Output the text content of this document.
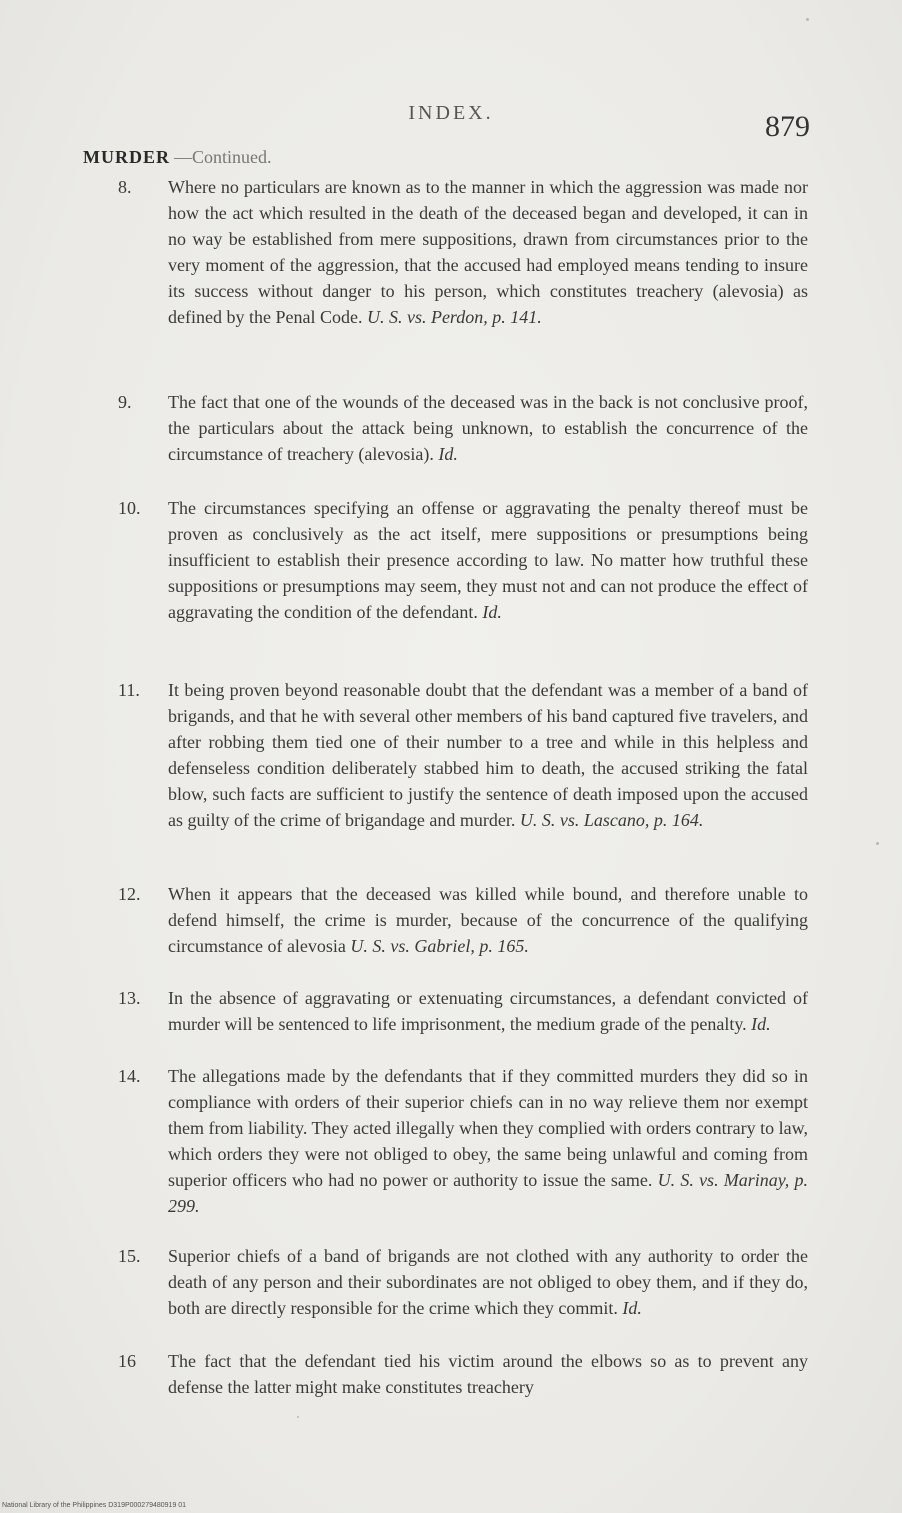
INDEX.	879
MURDER —Continued.
8. Where no particulars are known as to the manner in which the aggression was made nor how the act which resulted in the death of the deceased began and developed, it can in no way be established from mere suppositions, drawn from circumstances prior to the very moment of the aggression, that the accused had employed means tending to insure its success without danger to his person, which constitutes treachery (alevosia) as defined by the Penal Code. U. S. vs. Perdon, p. 141.
9. The fact that one of the wounds of the deceased was in the back is not conclusive proof, the particulars about the attack being unknown, to establish the concurrence of the circumstance of treachery (alevosia). Id.
10. The circumstances specifying an offense or aggravating the penalty thereof must be proven as conclusively as the act itself, mere suppositions or presumptions being insufficient to establish their presence according to law. No matter how truthful these suppositions or presumptions may seem, they must not and can not produce the effect of aggravating the condition of the defendant. Id.
11. It being proven beyond reasonable doubt that the defendant was a member of a band of brigands, and that he with several other members of his band captured five travelers, and after robbing them tied one of their number to a tree and while in this helpless and defenseless condition deliberately stabbed him to death, the accused striking the fatal blow, such facts are sufficient to justify the sentence of death imposed upon the accused as guilty of the crime of brigandage and murder. U. S. vs. Lascano, p. 164.
12. When it appears that the deceased was killed while bound, and therefore unable to defend himself, the crime is murder, because of the concurrence of the qualifying circumstance of alevosia U. S. vs. Gabriel, p. 165.
13. In the absence of aggravating or extenuating circumstances, a defendant convicted of murder will be sentenced to life imprisonment, the medium grade of the penalty. Id.
14. The allegations made by the defendants that if they committed murders they did so in compliance with orders of their superior chiefs can in no way relieve them nor exempt them from liability. They acted illegally when they complied with orders contrary to law, which orders they were not obliged to obey, the same being unlawful and coming from superior officers who had no power or authority to issue the same. U. S. vs. Marinay, p. 299.
15. Superior chiefs of a band of brigands are not clothed with any authority to order the death of any person and their subordinates are not obliged to obey them, and if they do, both are directly responsible for the crime which they commit. Id.
16 The fact that the defendant tied his victim around the elbows so as to prevent any defense the latter might make constitutes treachery
National Library of the Philippines D319P000279480919 01
